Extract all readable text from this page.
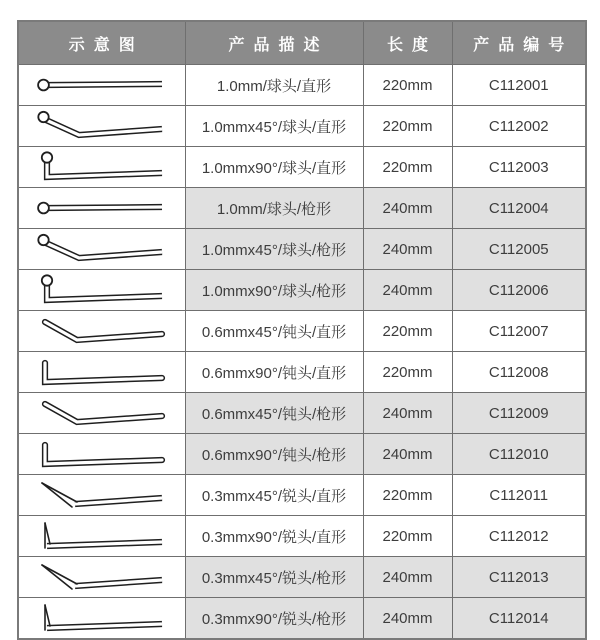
示意图	产品描述	长度	产品编号

	1.0mm/球头/直形	220mm	C112001

	1.0mmx45°/球头/直形	220mm	C112002

	1.0mmx90°/球头/直形	220mm	C112003

	1.0mm/球头/枪形	240mm	C112004

	1.0mmx45°/球头/枪形	240mm	C112005

	1.0mmx90°/球头/枪形	240mm	C112006

	0.6mmx45°/钝头/直形	220mm	C112007

	0.6mmx90°/钝头/直形	220mm	C112008

	0.6mmx45°/钝头/枪形	240mm	C112009

	0.6mmx90°/钝头/枪形	240mm	C112010

	0.3mmx45°/锐头/直形	220mm	C112011

	0.3mmx90°/锐头/直形	220mm	C112012

	0.3mmx45°/锐头/枪形	240mm	C112013

	0.3mmx90°/锐头/枪形	240mm	C112014
